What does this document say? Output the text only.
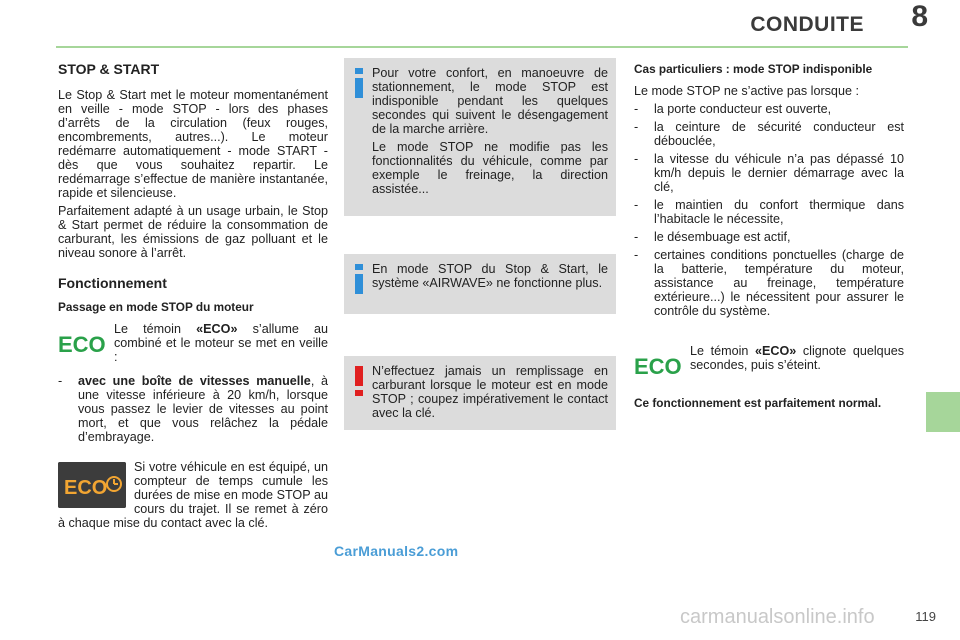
CONDUITE 8
STOP & START

Le Stop & Start met le moteur momentanément en veille - mode STOP - lors des phases d’arrêts de la circulation (feux rouges, encombrements, autres...). Le moteur redémarre automatiquement - mode START - dès que vous souhaitez repartir. Le redémarrage s’effectue de manière instantanée, rapide et silencieuse.

Parfaitement adapté à un usage urbain, le Stop & Start permet de réduire la consommation de carburant, les émissions de gaz polluant et le niveau sonore à l’arrêt.

Fonctionnement
Passage en mode STOP du moteur
ECO
Le témoin «ECO» s’allume au combiné et le moteur se met en veille :
-	avec une boîte de vitesses manuelle, à une vitesse inférieure à 20 km/h, lorsque vous passez le levier de vitesses au point mort, et que vous relâchez la pédale d’embrayage.
ECO

Si votre véhicule en est équipé, un compteur de temps cumule les durées de mise en mode STOP au cours du trajet. Il se remet à zéro à chaque mise du contact avec la clé.

Pour votre confort, en manoeuvre de stationnement, le mode STOP est indisponible pendant les quelques secondes qui suivent le désengagement de la marche arrière.

Le mode STOP ne modifie pas les fonctionnalités du véhicule, comme par exemple le freinage, la direction assistée...

En mode STOP du Stop & Start, le système «AIRWAVE» ne fonctionne plus.

N’effectuez jamais un remplissage en carburant lorsque le moteur est en mode STOP ; coupez impérativement le contact avec la clé.

Cas particuliers : mode STOP indisponible

Le mode STOP ne s’active pas lorsque :

-	la porte conducteur est ouverte,
-	la ceinture de sécurité conducteur est débouclée,
-	la vitesse du véhicule n’a pas dépassé 10 km/h depuis le dernier démarrage avec la clé,
-	le maintien du confort thermique dans l’habitacle le nécessite,
-	le désembuage est actif,
-	certaines conditions ponctuelles (charge de la batterie, température du moteur, assistance au freinage, température extérieure...) le nécessitent pour assurer le contrôle du système.
ECO
Le témoin «ECO» clignote quelques secondes, puis s’éteint.
Ce fonctionnement est parfaitement normal.
CarManuals2.com
carmanualsonline.info	119
